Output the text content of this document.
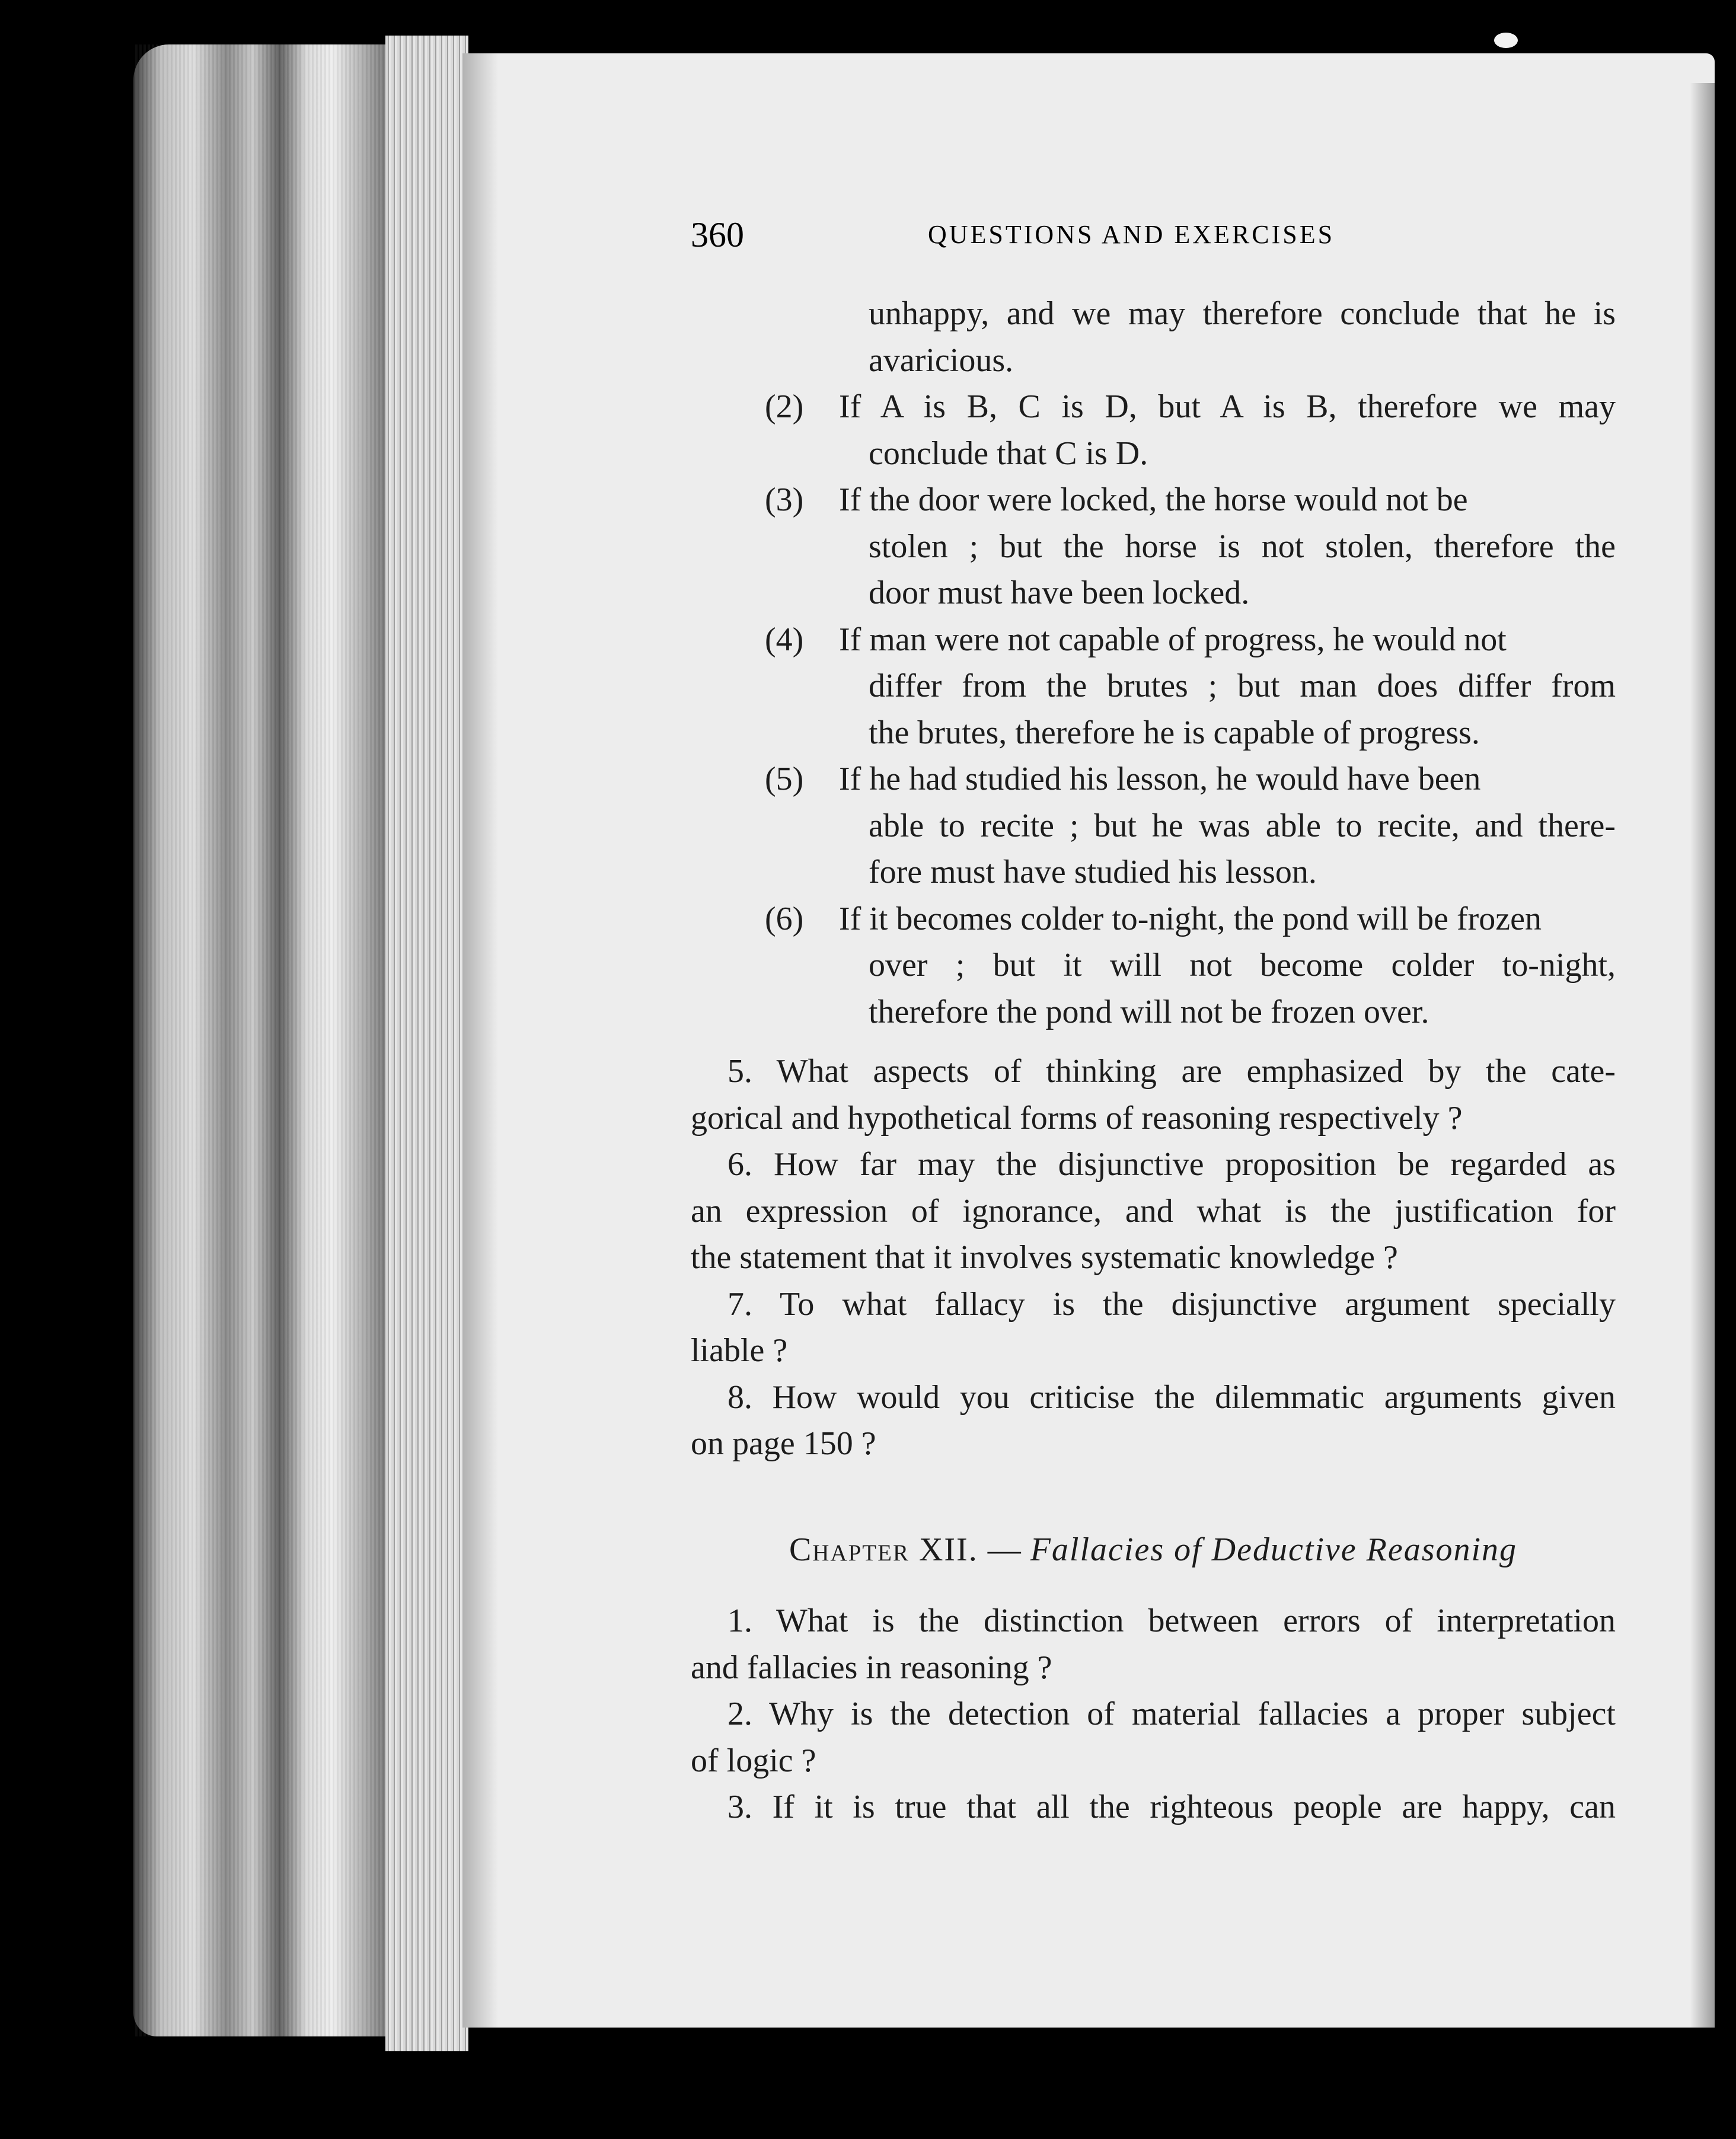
360	QUESTIONS AND EXERCISES
unhappy, and we may therefore conclude that he is
avaricious.
(2) If A is B, C is D, but A is B, therefore we may
conclude that C is D.
(3) If the door were locked, the horse would not be
stolen ; but the horse is not stolen, therefore the
door must have been locked.
(4) If man were not capable of progress, he would not
differ from the brutes ; but man does differ from
the brutes, therefore he is capable of progress.
(5) If he had studied his lesson, he would have been
able to recite ; but he was able to recite, and there-
fore must have studied his lesson.
(6) If it becomes colder to-night, the pond will be frozen
over ; but it will not become colder to-night,
therefore the pond will not be frozen over.
5. What aspects of thinking are emphasized by the cate-
gorical and hypothetical forms of reasoning respectively ?
6. How far may the disjunctive proposition be regarded as
an expression of ignorance, and what is the justification for
the statement that it involves systematic knowledge ?
7. To what fallacy is the disjunctive argument specially
liable ?
8. How would you criticise the dilemmatic arguments given
on page 150 ?
Chapter XII. — Fallacies of Deductive Reasoning
1. What is the distinction between errors of interpretation
and fallacies in reasoning ?
2. Why is the detection of material fallacies a proper subject
of logic ?
3. If it is true that all the righteous people are happy, can
